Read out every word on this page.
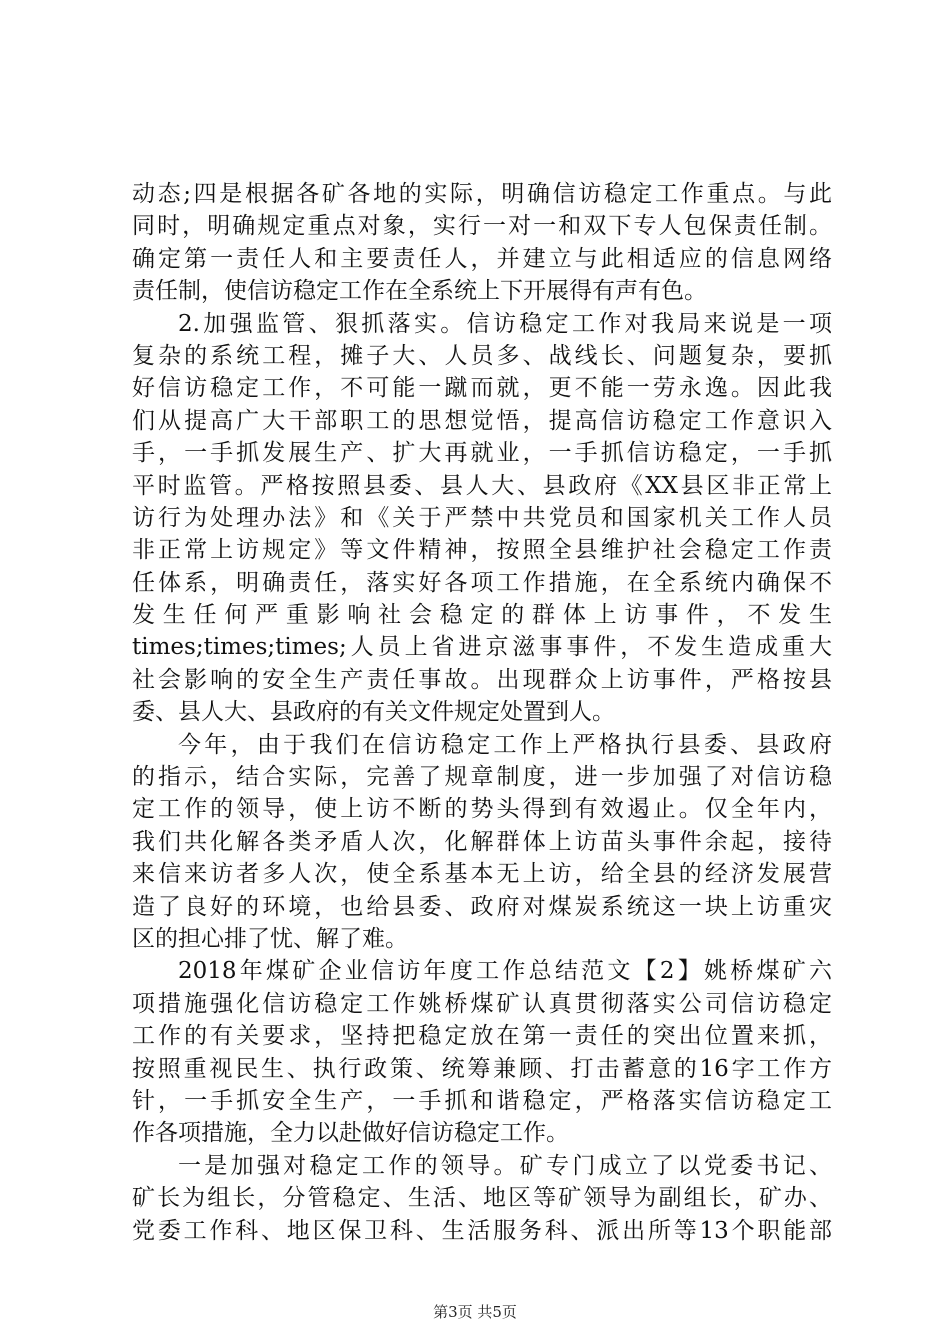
动态;四是根据各矿各地的实际，明确信访稳定工作重点。与此
同时，明确规定重点对象，实行一对一和双下专人包保责任制。
确定第一责任人和主要责任人，并建立与此相适应的信息网络
责任制，使信访稳定工作在全系统上下开展得有声有色。
2.加强监管、狠抓落实。信访稳定工作对我局来说是一项
复杂的系统工程，摊子大、人员多、战线长、问题复杂，要抓
好信访稳定工作，不可能一蹴而就，更不能一劳永逸。因此我
们从提高广大干部职工的思想觉悟，提高信访稳定工作意识入
手，一手抓发展生产、扩大再就业，一手抓信访稳定，一手抓
平时监管。严格按照县委、县人大、县政府《XX县区非正常上
访行为处理办法》和《关于严禁中共党员和国家机关工作人员
非正常上访规定》等文件精神，按照全县维护社会稳定工作责
任体系，明确责任，落实好各项工作措施，在全系统内确保不
发生任何严重影响社会稳定的群体上访事件，不发生
times;times;times;人员上省进京滋事事件，不发生造成重大
社会影响的安全生产责任事故。出现群众上访事件，严格按县
委、县人大、县政府的有关文件规定处置到人。
今年，由于我们在信访稳定工作上严格执行县委、县政府
的指示，结合实际，完善了规章制度，进一步加强了对信访稳
定工作的领导，使上访不断的势头得到有效遏止。仅全年内，
我们共化解各类矛盾人次，化解群体上访苗头事件余起，接待
来信来访者多人次，使全系基本无上访，给全县的经济发展营
造了良好的环境，也给县委、政府对煤炭系统这一块上访重灾
区的担心排了忧、解了难。
2018年煤矿企业信访年度工作总结范文【2】姚桥煤矿六
项措施强化信访稳定工作姚桥煤矿认真贯彻落实公司信访稳定
工作的有关要求，坚持把稳定放在第一责任的突出位置来抓，
按照重视民生、执行政策、统筹兼顾、打击蓄意的16字工作方
针，一手抓安全生产，一手抓和谐稳定，严格落实信访稳定工
作各项措施，全力以赴做好信访稳定工作。
一是加强对稳定工作的领导。矿专门成立了以党委书记、
矿长为组长，分管稳定、生活、地区等矿领导为副组长，矿办、
党委工作科、地区保卫科、生活服务科、派出所等13个职能部
第3页 共5页
